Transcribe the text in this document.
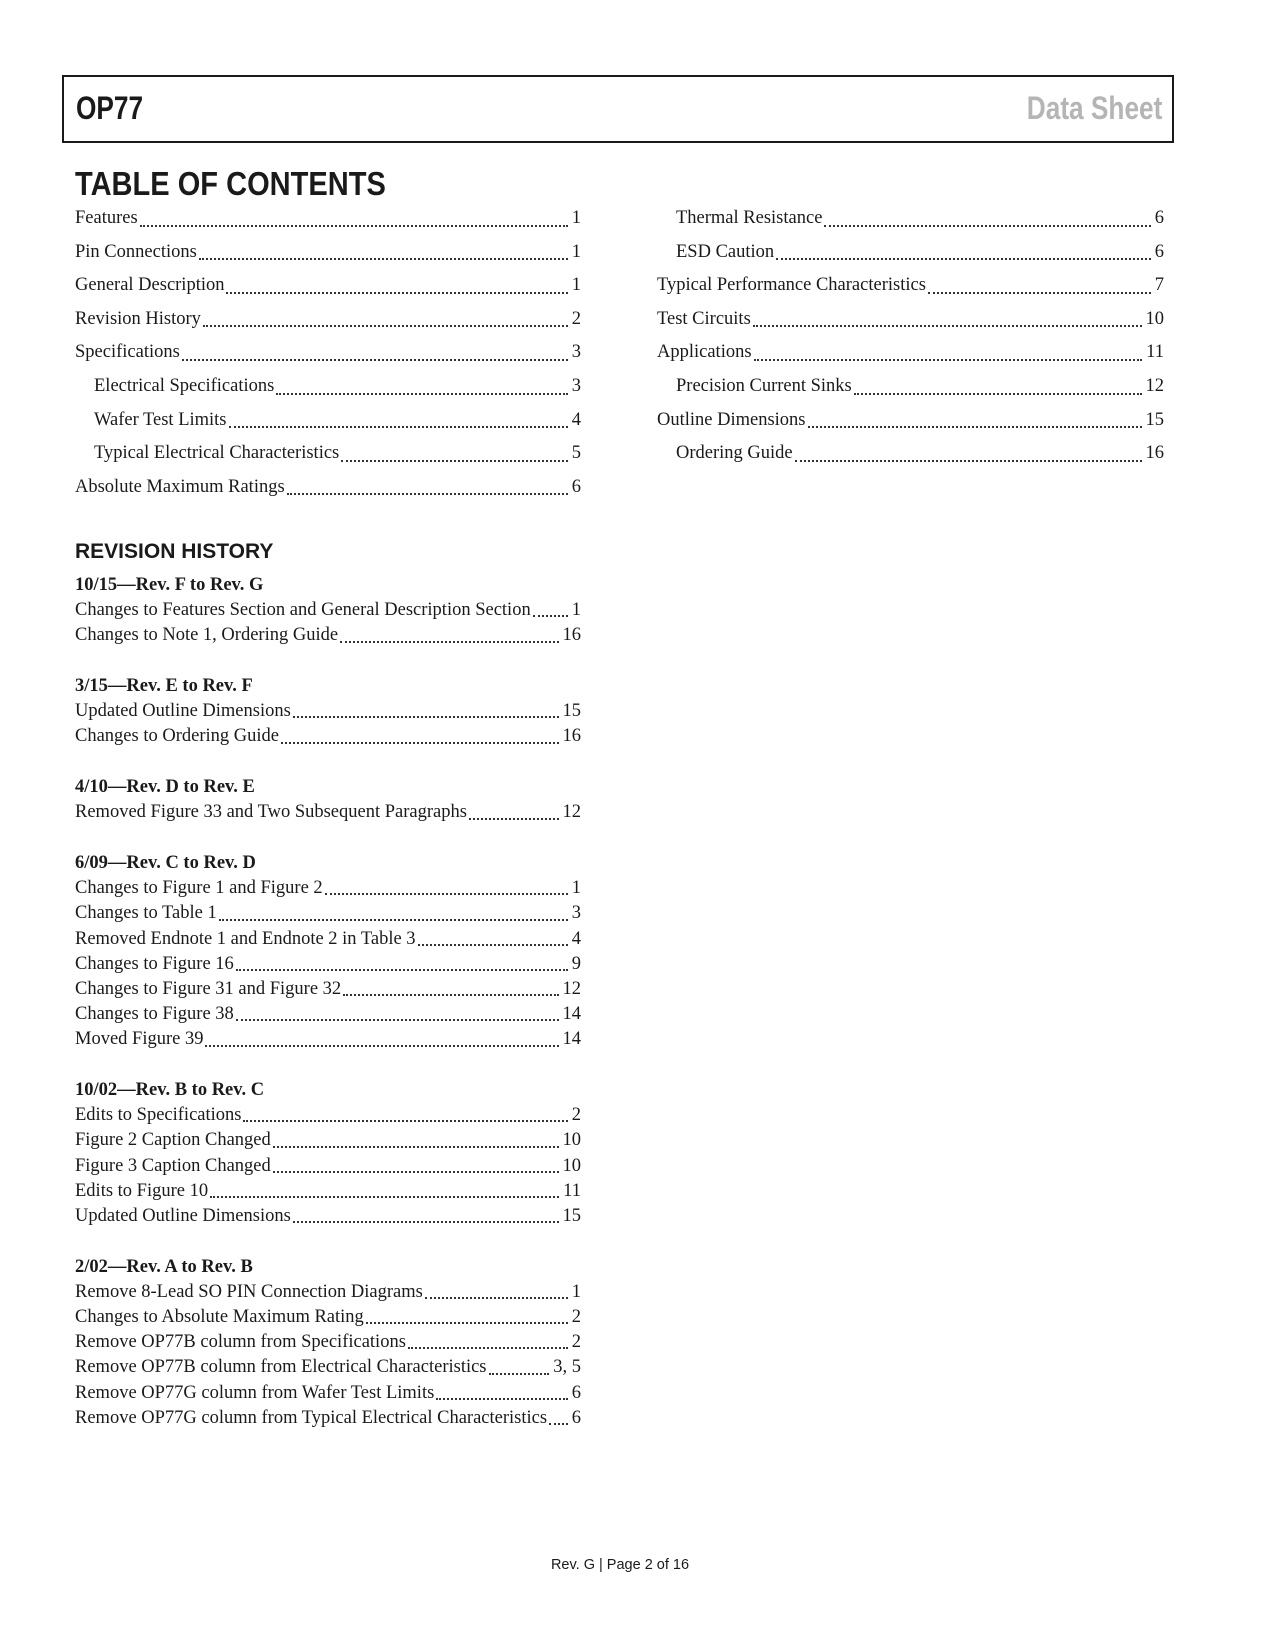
OP77	Data Sheet
TABLE OF CONTENTS
Features	1
Pin Connections	1
General Description	1
Revision History	2
Specifications	3
Electrical Specifications	3
Wafer Test Limits	4
Typical Electrical Characteristics	5
Absolute Maximum Ratings	6
Thermal Resistance	6
ESD Caution	6
Typical Performance Characteristics	7
Test Circuits	10
Applications	11
Precision Current Sinks	12
Outline Dimensions	15
Ordering Guide	16
REVISION HISTORY
10/15—Rev. F to Rev. G
Changes to Features Section and General Description Section 1
Changes to Note 1, Ordering Guide	16
3/15—Rev. E to Rev. F
Updated Outline Dimensions	15
Changes to Ordering Guide	16
4/10—Rev. D to Rev. E
Removed Figure 33 and Two Subsequent Paragraphs	12
6/09—Rev. C to Rev. D
Changes to Figure 1 and Figure 2	1
Changes to Table 1	3
Removed Endnote 1 and Endnote 2 in Table 3	4
Changes to Figure 16	9
Changes to Figure 31 and Figure 32	12
Changes to Figure 38	14
Moved Figure 39	14
10/02—Rev. B to Rev. C
Edits to Specifications	2
Figure 2 Caption Changed	10
Figure 3 Caption Changed	10
Edits to Figure 10	11
Updated Outline Dimensions	15
2/02—Rev. A to Rev. B
Remove 8-Lead SO PIN Connection Diagrams	1
Changes to Absolute Maximum Rating	2
Remove OP77B column from Specifications	2
Remove OP77B column from Electrical Characteristics	3, 5
Remove OP77G column from Wafer Test Limits	6
Remove OP77G column from Typical Electrical Characteristics 6
Rev. G | Page 2 of 16
